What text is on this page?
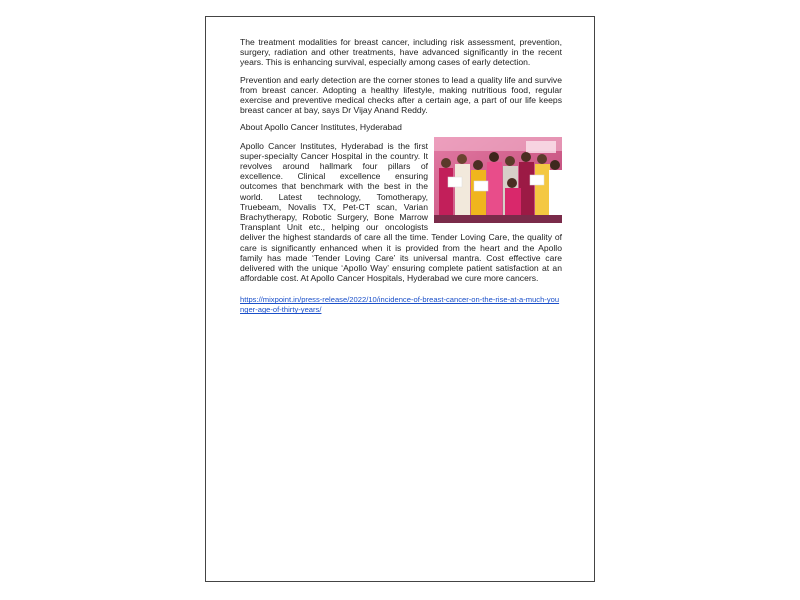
The treatment modalities for breast cancer, including risk assessment, prevention, surgery, radiation and other treatments, have advanced significantly in the recent years. This is enhancing survival, especially among cases of early detection.

Prevention and early detection are the corner stones to lead a quality life and survive from breast cancer. Adopting a healthy lifestyle, making nutritious food, regular exercise and preventive medical checks after a certain age, a part of our life keeps breast cancer at bay, says Dr Vijay Anand Reddy.

About Apollo Cancer Institutes, Hyderabad

Apollo Cancer Institutes, Hyderabad is the first super-specialty Cancer Hospital in the country. It revolves around hallmark four pillars of excellence. Clinical excellence ensuring outcomes that benchmark with the best in the world. Latest technology, Tomotherapy, Truebeam, Novalis TX, Pet-CT scan, Varian Brachytherapy, Robotic Surgery, Bone Marrow Transplant Unit etc., helping our oncologists deliver the highest standards of care all the time. Tender Loving Care, the quality of care is significantly enhanced when it is provided from the heart and the Apollo family has made ‘Tender Loving Care’ its universal mantra. Cost effective care delivered with the unique ‘Apollo Way’ ensuring complete patient satisfaction at an affordable cost. At Apollo Cancer Hospitals, Hyderabad we cure more cancers.

https://mixpoint.in/press-release/2022/10/incidence-of-breast-cancer-on-the-rise-at-a-much-younger-age-of-thirty-years/
